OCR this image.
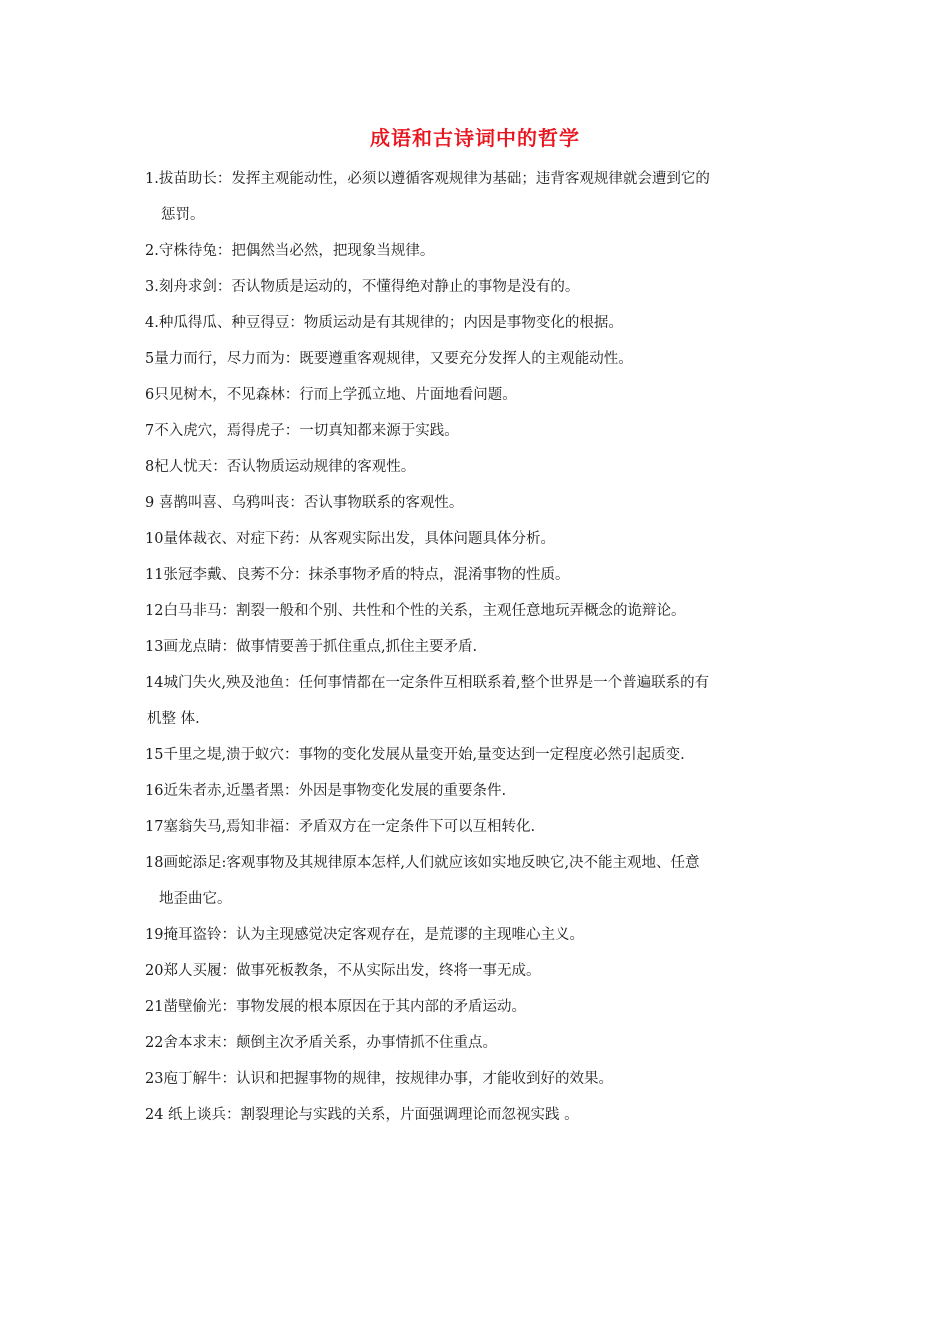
成语和古诗词中的哲学
1.拔苗助长：发挥主观能动性，必须以遵循客观规律为基础；违背客观规律就会遭到它的
惩罚。
2.守株待兔：把偶然当必然，把现象当规律。
3.刻舟求剑：否认物质是运动的，不懂得绝对静止的事物是没有的。
4.种瓜得瓜、种豆得豆：物质运动是有其规律的；内因是事物变化的根据。
5量力而行，尽力而为：既要遵重客观规律，又要充分发挥人的主观能动性。
6只见树木，不见森林：行而上学孤立地、片面地看问题。
7不入虎穴，焉得虎子：一切真知都来源于实践。
8杞人忧天：否认物质运动规律的客观性。
9 喜鹊叫喜、乌鸦叫丧：否认事物联系的客观性。
10量体裁衣、对症下药：从客观实际出发，具体问题具体分析。
11张冠李戴、良莠不分：抹杀事物矛盾的特点，混淆事物的性质。
12白马非马：割裂一般和个别、共性和个性的关系，主观任意地玩弄概念的诡辩论。
13画龙点睛：做事情要善于抓住重点,抓住主要矛盾.
14城门失火,殃及池鱼：任何事情都在一定条件互相联系着,整个世界是一个普遍联系的有
机整 体.
15千里之堤,溃于蚁穴：事物的变化发展从量变开始,量变达到一定程度必然引起质变.
16近朱者赤,近墨者黑：外因是事物变化发展的重要条件.
17塞翁失马,焉知非福：矛盾双方在一定条件下可以互相转化.
18画蛇添足:客观事物及其规律原本怎样,人们就应该如实地反映它,决不能主观地、任意
地歪曲它。
19掩耳盗铃：认为主现感觉决定客观存在，是荒谬的主现唯心主义。
20郑人买履：做事死板教条，不从实际出发，终将一事无成。
21凿壁偷光：事物发展的根本原因在于其内部的矛盾运动。
22舍本求末：颠倒主次矛盾关系，办事情抓不住重点。
23庖丁解牛：认识和把握事物的规律，按规律办事，才能收到好的效果。
24 纸上谈兵：割裂理论与实践的关系，片面强调理论而忽视实践 。
